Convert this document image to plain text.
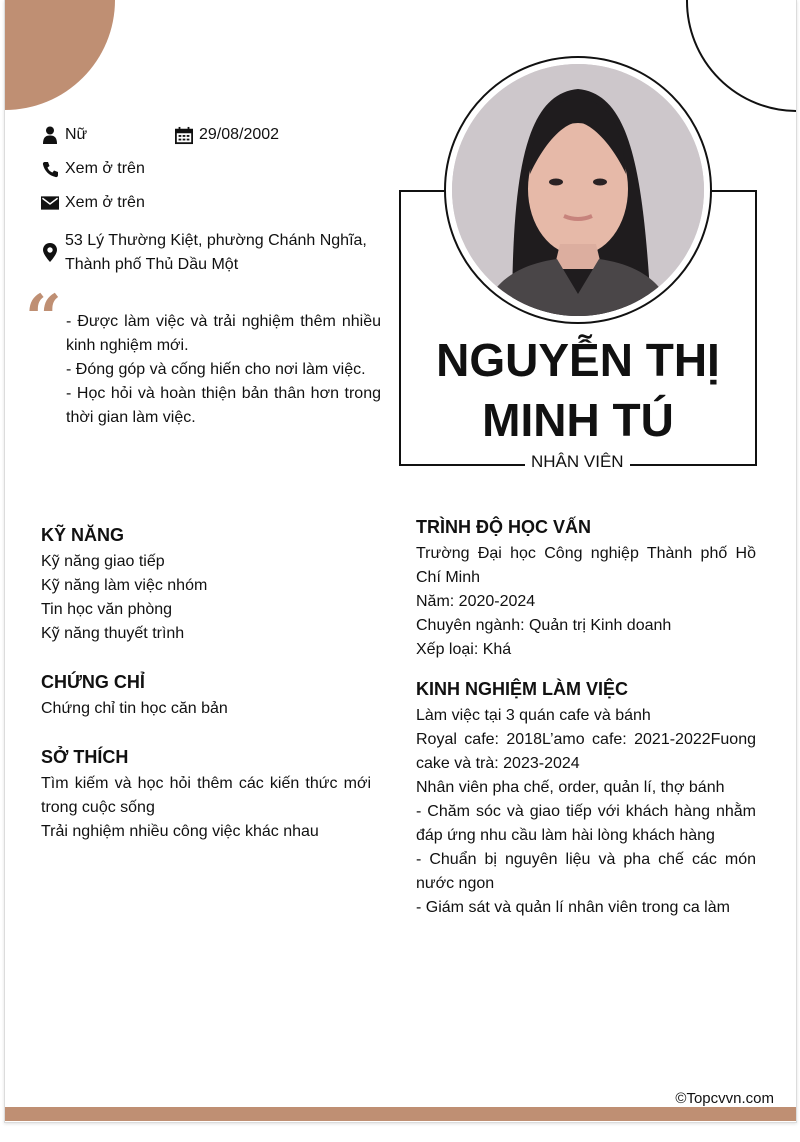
Nữ	29/08/2002
Xem ở trên
Xem ở trên
53 Lý Thường Kiệt, phường Chánh Nghĩa, Thành phố Thủ Dầu Một
“ - Được làm việc và trải nghiệm thêm nhiều kinh nghiệm mới.
- Đóng góp và cống hiến cho nơi làm việc.
- Học hỏi và hoàn thiện bản thân hơn trong thời gian làm việc.
NGUYỄN THỊ
MINH TÚ
NHÂN VIÊN
KỸ NĂNG
Kỹ năng giao tiếp
Kỹ năng làm việc nhóm
Tin học văn phòng
Kỹ năng thuyết trình
CHỨNG CHỈ
Chứng chỉ tin học căn bản
SỞ THÍCH
Tìm kiếm và học hỏi thêm các kiến thức mới trong cuộc sống
Trải nghiệm nhiều công việc khác nhau
TRÌNH ĐỘ HỌC VẤN
Trường Đại học Công nghiệp Thành phố Hồ Chí Minh
Năm: 2020-2024
Chuyên ngành: Quản trị Kinh doanh
Xếp loại: Khá
KINH NGHIỆM LÀM VIỆC
Làm việc tại 3 quán cafe và bánh
Royal cafe: 2018L’amo cafe: 2021-2022Fuong cake và trà: 2023-2024
Nhân viên pha chế, order, quản lí, thợ bánh
- Chăm sóc và giao tiếp với khách hàng nhằm đáp ứng nhu cầu làm hài lòng khách hàng
- Chuẩn bị nguyên liệu và pha chế các món nước ngon
- Giám sát và quản lí nhân viên trong ca làm
©Topcvvn.com
